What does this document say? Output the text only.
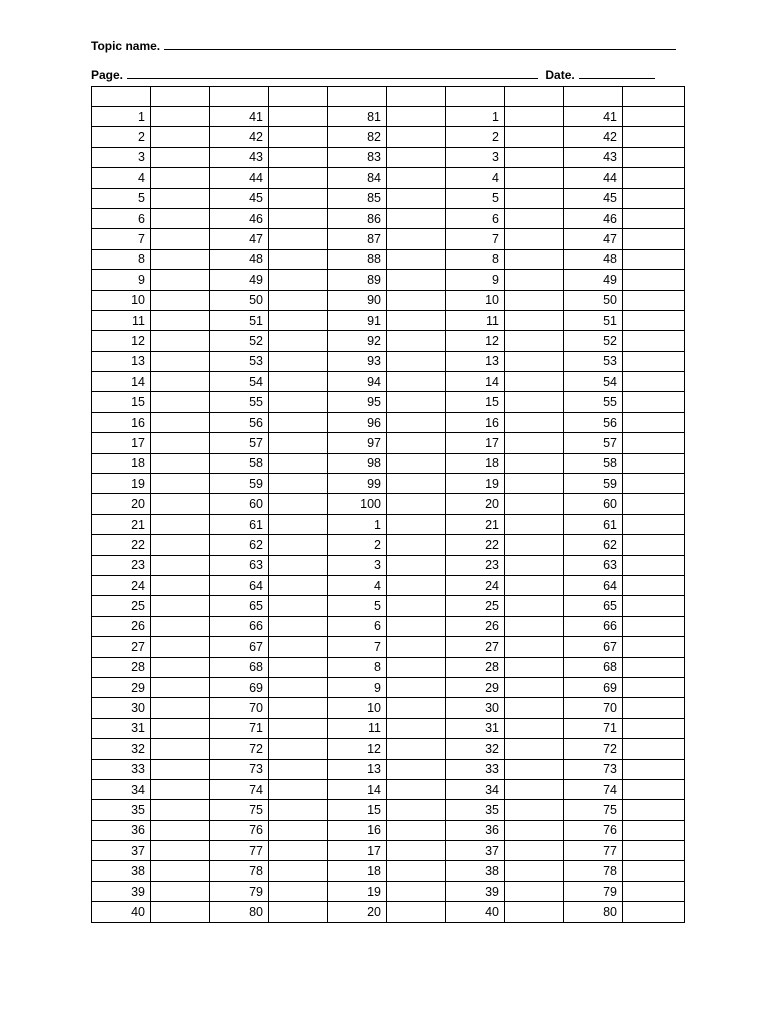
Topic name.
Page.	Date.

1		41		81		1		41	
2		42		82		2		42	
3		43		83		3		43	
4		44		84		4		44	
5		45		85		5		45	
6		46		86		6		46	
7		47		87		7		47	
8		48		88		8		48	
9		49		89		9		49	
10		50		90		10		50	
11		51		91		11		51	
12		52		92		12		52	
13		53		93		13		53	
14		54		94		14		54	
15		55		95		15		55	
16		56		96		16		56	
17		57		97		17		57	
18		58		98		18		58	
19		59		99		19		59	
20		60		100		20		60	
21		61		1		21		61	
22		62		2		22		62	
23		63		3		23		63	
24		64		4		24		64	
25		65		5		25		65	
26		66		6		26		66	
27		67		7		27		67	
28		68		8		28		68	
29		69		9		29		69	
30		70		10		30		70	
31		71		11		31		71	
32		72		12		32		72	
33		73		13		33		73	
34		74		14		34		74	
35		75		15		35		75	
36		76		16		36		76	
37		77		17		37		77	
38		78		18		38		78	
39		79		19		39		79	
40		80		20		40		80	
